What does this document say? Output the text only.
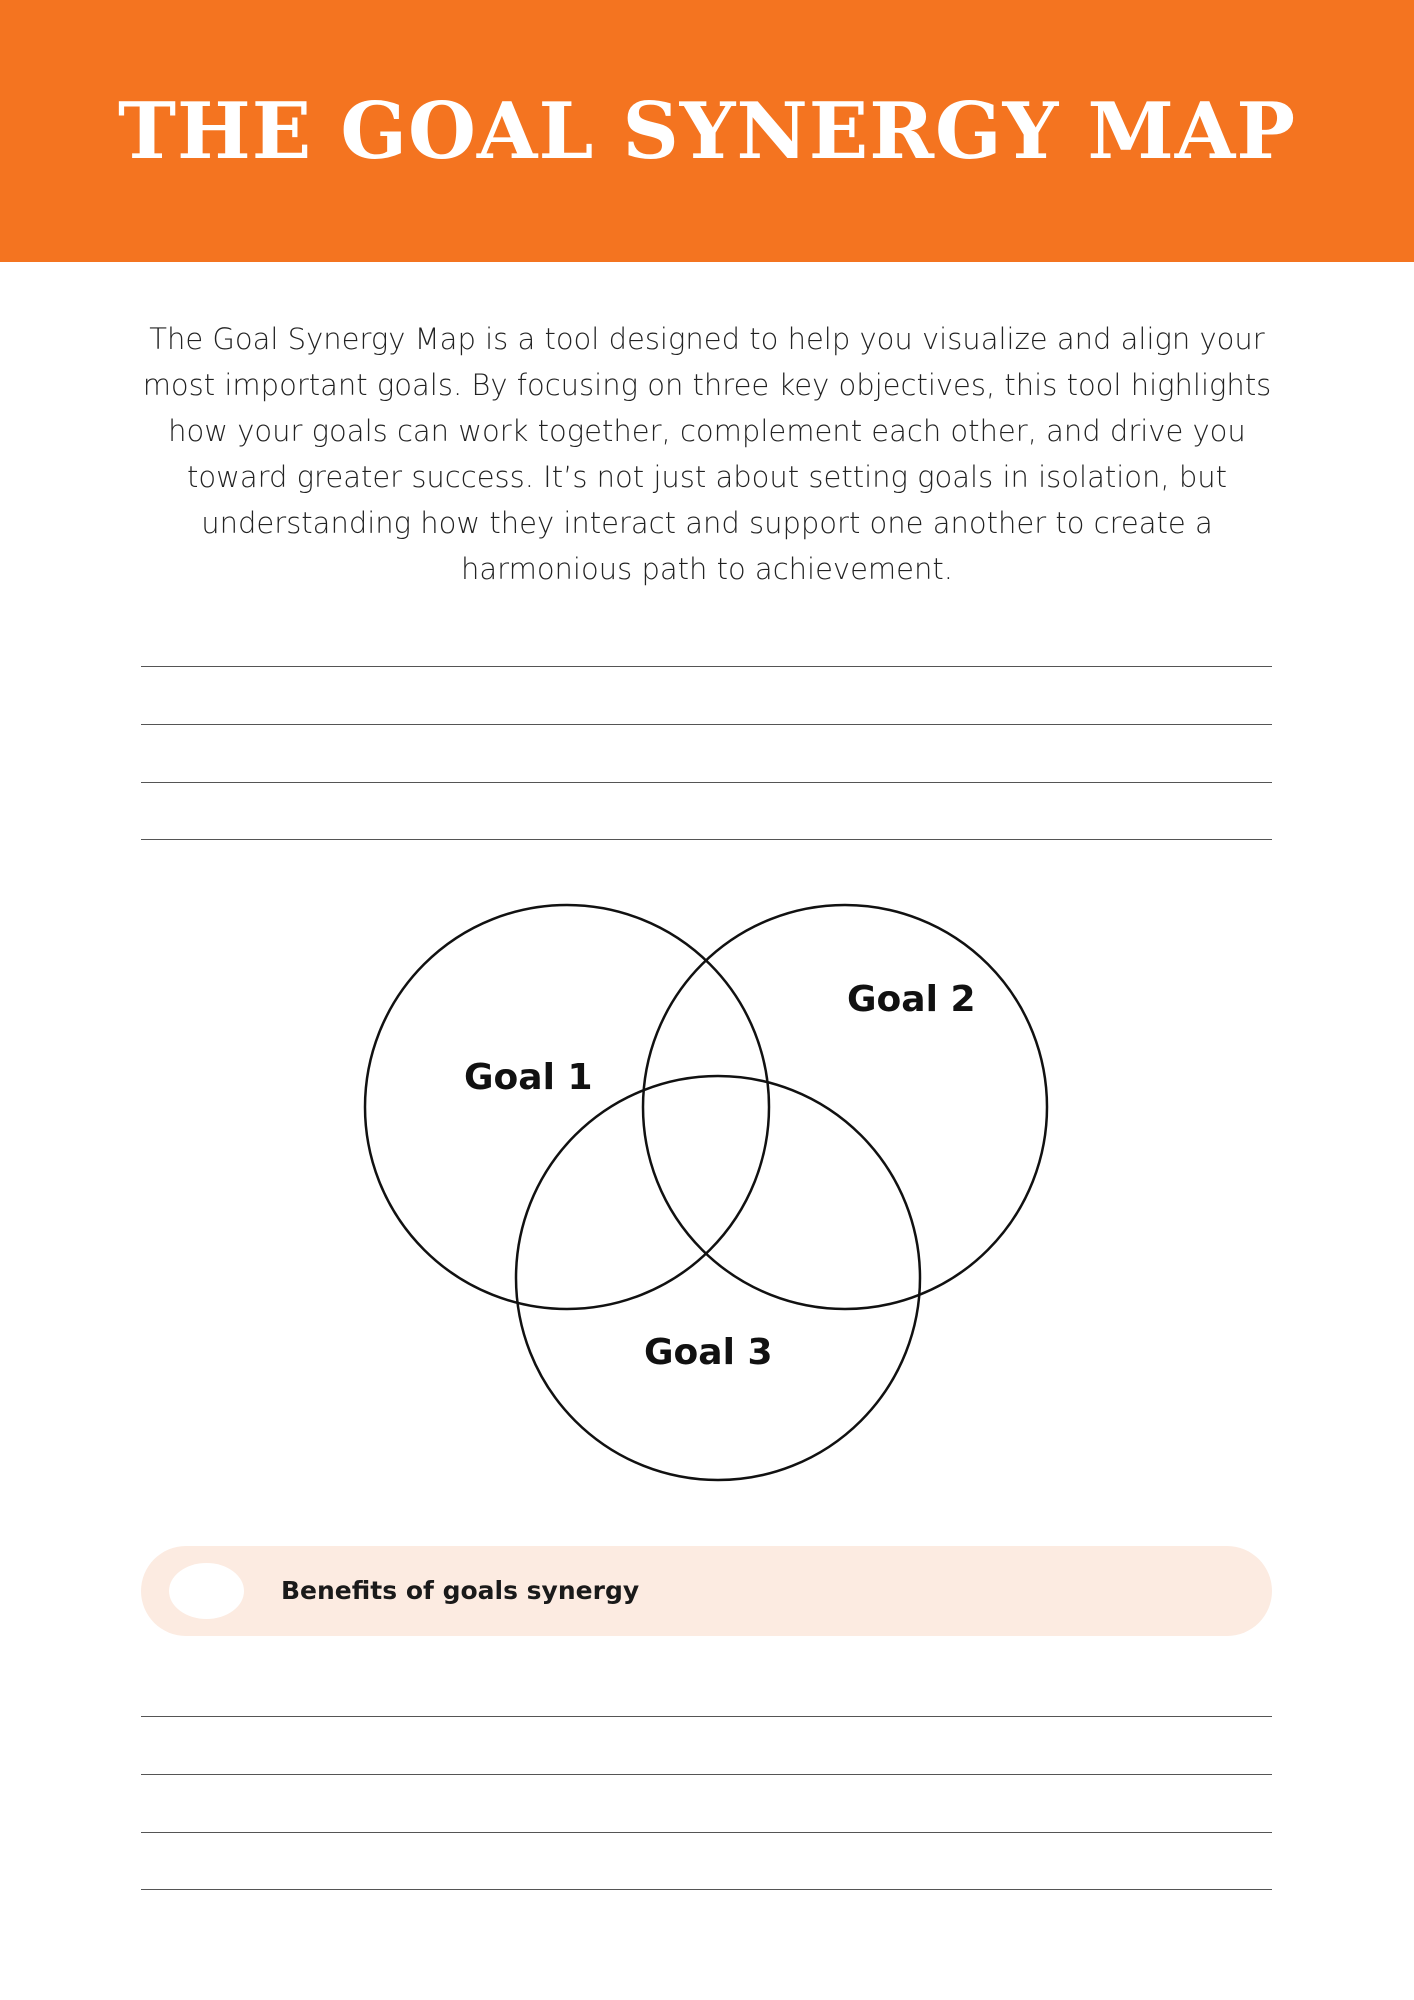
THE GOAL SYNERGY MAP
The Goal Synergy Map is a tool designed to help you visualize and align your
most important goals. By focusing on three key objectives, this tool highlights
how your goals can work together, complement each other, and drive you
toward greater success. It’s not just about setting goals in isolation, but
understanding how they interact and support one another to create a
harmonious path to achievement.
Goal 1
Goal 2
Goal 3
Benefits of goals synergy
